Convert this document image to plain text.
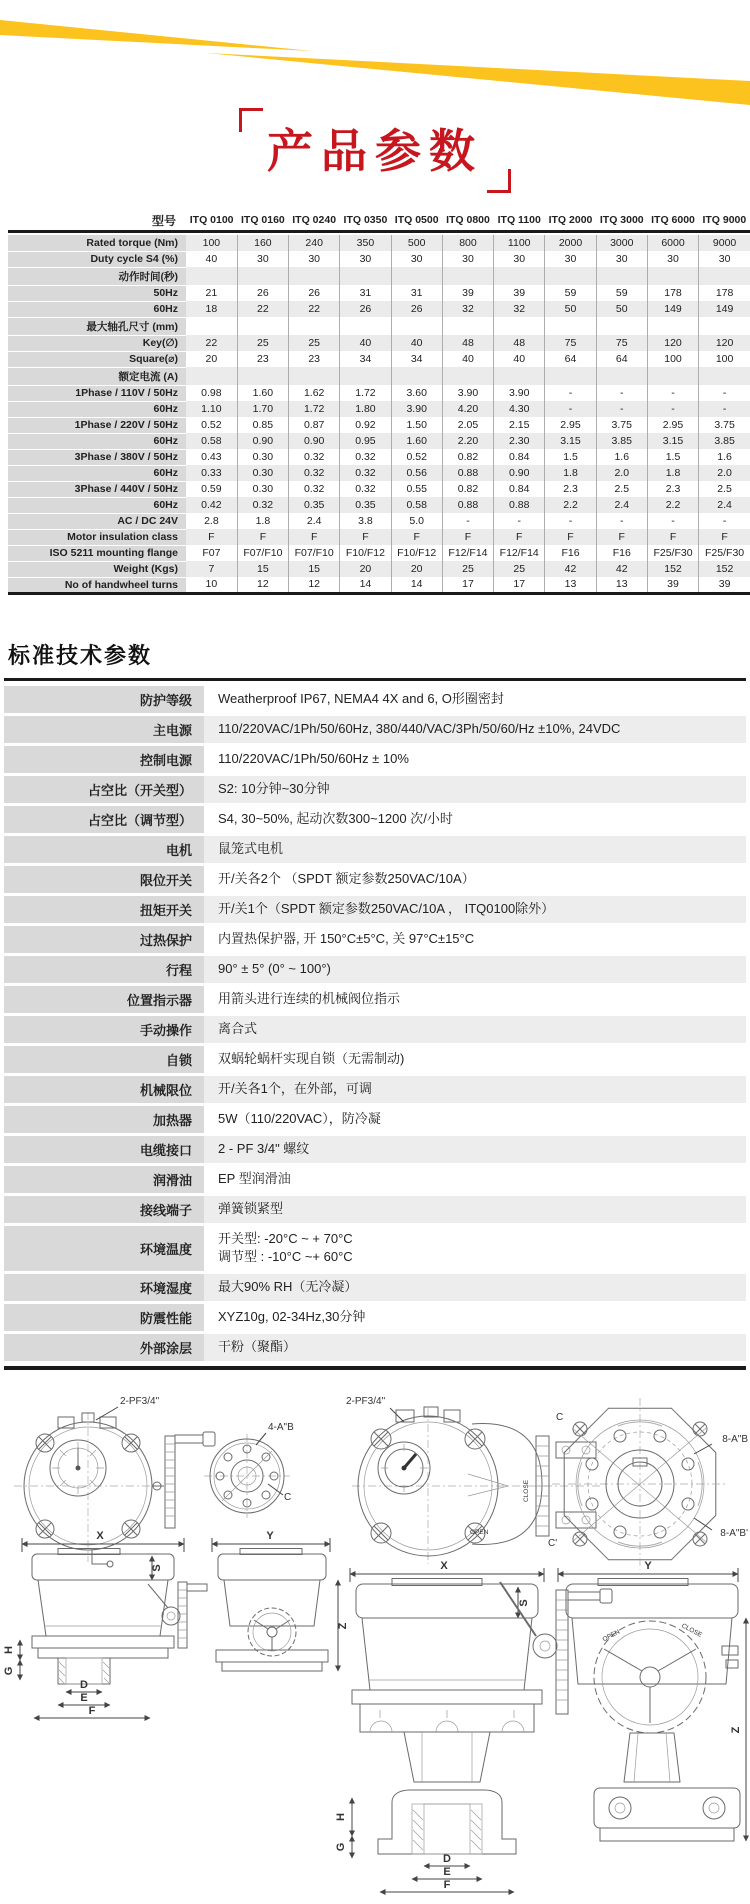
产品参数
型号	ITQ 0100	ITQ 0160	ITQ 0240	ITQ 0350	ITQ 0500	ITQ 0800	ITQ 1100	ITQ 2000	ITQ 3000	ITQ 6000	ITQ 9000
Rated torque (Nm)	100	160	240	350	500	800	1100	2000	3000	6000	9000
Duty cycle S4 (%)	40	30	30	30	30	30	30	30	30	30	30
动作时间(秒)											
50Hz	21	26	26	31	31	39	39	59	59	178	178
60Hz	18	22	22	26	26	32	32	50	50	149	149
最大轴孔尺寸 (mm)											
Key(∅)	22	25	25	40	40	48	48	75	75	120	120
Square(⌀)	20	23	23	34	34	40	40	64	64	100	100
额定电流 (A)											
1Phase / 110V / 50Hz	0.98	1.60	1.62	1.72	3.60	3.90	3.90	-	-	-	-
60Hz	1.10	1.70	1.72	1.80	3.90	4.20	4.30	-	-	-	-
1Phase / 220V / 50Hz	0.52	0.85	0.87	0.92	1.50	2.05	2.15	2.95	3.75	2.95	3.75
60Hz	0.58	0.90	0.90	0.95	1.60	2.20	2.30	3.15	3.85	3.15	3.85
3Phase / 380V / 50Hz	0.43	0.30	0.32	0.32	0.52	0.82	0.84	1.5	1.6	1.5	1.6
60Hz	0.33	0.30	0.32	0.32	0.56	0.88	0.90	1.8	2.0	1.8	2.0
3Phase / 440V / 50Hz	0.59	0.30	0.32	0.32	0.55	0.82	0.84	2.3	2.5	2.3	2.5
60Hz	0.42	0.32	0.35	0.35	0.58	0.88	0.88	2.2	2.4	2.2	2.4
AC / DC 24V	2.8	1.8	2.4	3.8	5.0	-	-	-	-	-	-
Motor insulation class	F	F	F	F	F	F	F	F	F	F	F
ISO 5211 mounting flange	F07	F07/F10	F07/F10	F10/F12	F10/F12	F12/F14	F12/F14	F16	F16	F25/F30	F25/F30
Weight (Kgs)	7	15	15	20	20	25	25	42	42	152	152
No of handwheel turns	10	12	12	14	14	17	17	13	13	39	39
标准技术参数
防护等级	Weatherproof IP67, NEMA4 4X and 6, O形圈密封

主电源	110/220VAC/1Ph/50/60Hz, 380/440/VAC/3Ph/50/60/Hz ±10%, 24VDC

控制电源	110/220VAC/1Ph/50/60Hz ± 10%

占空比（开关型）	S2: 10分钟~30分钟

占空比（调节型）	S4, 30~50%, 起动次数300~1200 次/小时

电机	鼠笼式电机

限位开关	开/关各2个 （SPDT 额定参数250VAC/10A）

扭矩开关	开/关1个（SPDT 额定参数250VAC/10A ， ITQ0100除外）

过热保护	内置热保护器, 开 150°C±5°C, 关 97°C±15°C

行程	90° ± 5° (0° ~ 100°)

位置指示器	用箭头进行连续的机械阀位指示

手动操作	离合式

自锁	双蜗轮蜗杆实现自锁（无需制动)

机械限位	开/关各1个，在外部，可调

加热器	5W（110/220VAC），防冷凝

电缆接口	2 - PF 3/4" 螺纹

润滑油	EP 型润滑油

接线端子	弹簧锁紧型

环境温度	开关型: -20°C ~ + 70°C
调节型 : -10°C ~+ 60°C

环境湿度	最大90% RH（无冷凝）

防震性能	XYZ10g, 02-34Hz,30分钟

外部涂层	干粉（聚酯）
2-PF3/4"
4-A"B
C
X
S
H
G
D
E
F
Y
Z
2-PF3/4"
OPEN
CLOSE
C
C'
8-A"B
8-A"B'
X
S
H
G
D
E
F
Y
OPEN	CLOSE
Z
